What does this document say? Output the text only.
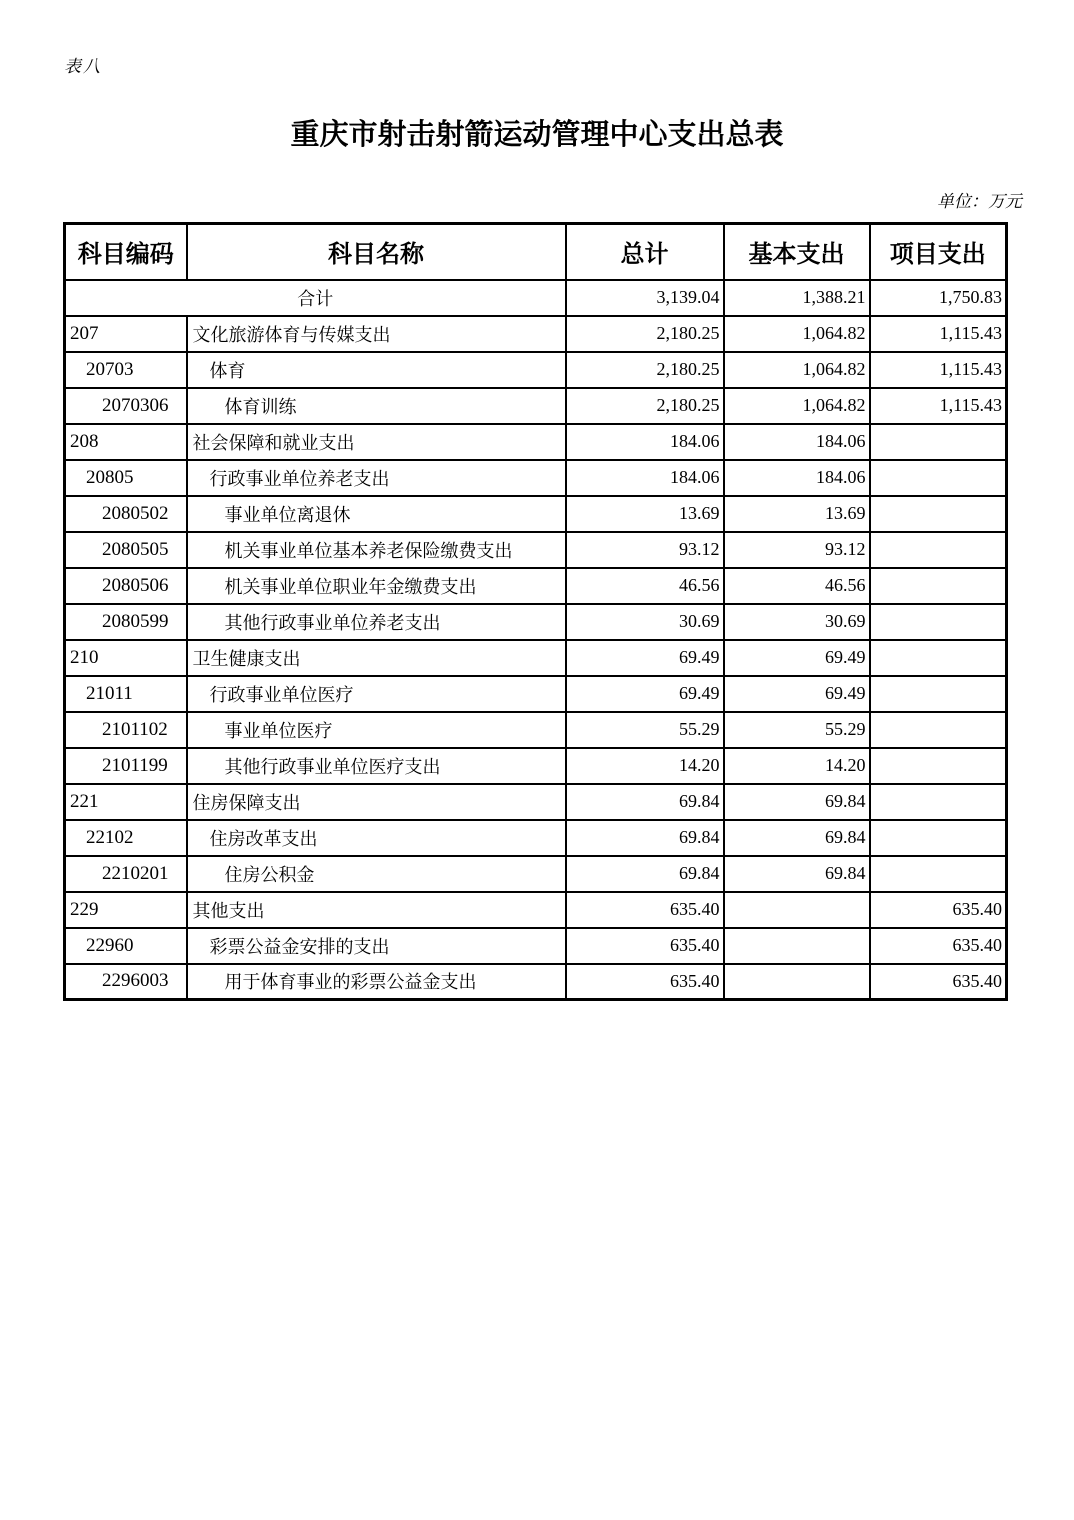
表八
重庆市射击射箭运动管理中心支出总表
单位：万元
科目编码	科目名称	总计	基本支出	项目支出
合计		3,139.04	1,388.21	1,750.83
207	文化旅游体育与传媒支出	2,180.25	1,064.82	1,115.43
20703	体育	2,180.25	1,064.82	1,115.43
2070306	体育训练	2,180.25	1,064.82	1,115.43
208	社会保障和就业支出	184.06	184.06	
20805	行政事业单位养老支出	184.06	184.06	
2080502	事业单位离退休	13.69	13.69	
2080505	机关事业单位基本养老保险缴费支出	93.12	93.12	
2080506	机关事业单位职业年金缴费支出	46.56	46.56	
2080599	其他行政事业单位养老支出	30.69	30.69	
210	卫生健康支出	69.49	69.49	
21011	行政事业单位医疗	69.49	69.49	
2101102	事业单位医疗	55.29	55.29	
2101199	其他行政事业单位医疗支出	14.20	14.20	
221	住房保障支出	69.84	69.84	
22102	住房改革支出	69.84	69.84	
2210201	住房公积金	69.84	69.84	
229	其他支出	635.40		635.40
22960	彩票公益金安排的支出	635.40		635.40
2296003	用于体育事业的彩票公益金支出	635.40		635.40
